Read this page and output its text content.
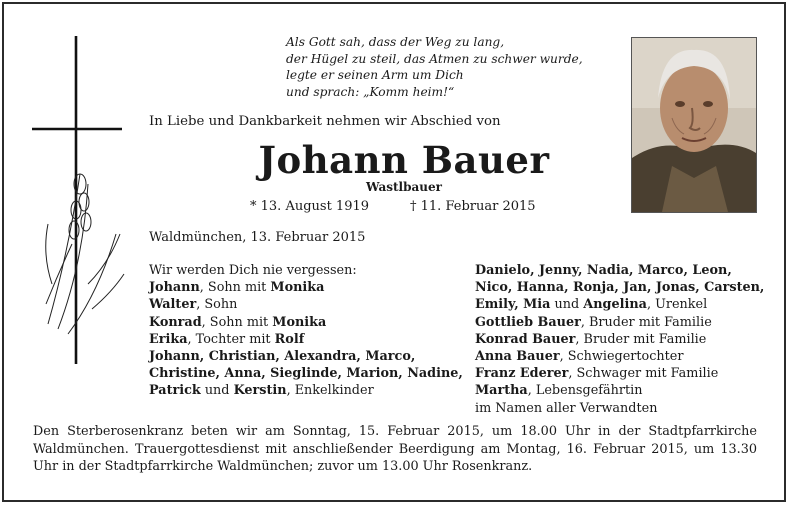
Als Gott sah, dass der Weg zu lang,
der Hügel zu steil, das Atmen zu schwer wurde,
legte er seinen Arm um Dich
und sprach: „Komm heim!“
In Liebe und Dankbarkeit nehmen wir Abschied von
Johann Bauer
Wastlbauer
* 13. August 1919	† 11. Februar 2015
Waldmünchen, 13. Februar 2015
Wir werden Dich nie vergessen:
Johann, Sohn mit Monika
Walter, Sohn
Konrad, Sohn mit Monika
Erika, Tochter mit Rolf
Johann, Christian, Alexandra, Marco,
Christine, Anna, Sieglinde, Marion, Nadine,
Patrick und Kerstin, Enkelkinder
Danielo, Jenny, Nadia, Marco, Leon,
Nico, Hanna, Ronja, Jan, Jonas, Carsten,
Emily, Mia und Angelina, Urenkel
Gottlieb Bauer, Bruder mit Familie
Konrad Bauer, Bruder mit Familie
Anna Bauer, Schwiegertochter
Franz Ederer, Schwager mit Familie
Martha, Lebensgefährtin
im Namen aller Verwandten
Den Sterberosenkranz beten wir am Sonntag, 15. Februar 2015, um 18.00 Uhr in der Stadtpfarrkirche Waldmünchen. Trauergottesdienst mit anschließender Beerdigung am Montag, 16. Februar 2015, um 13.30 Uhr in der Stadtpfarrkirche Waldmünchen; zuvor um 13.00 Uhr Rosenkranz.
